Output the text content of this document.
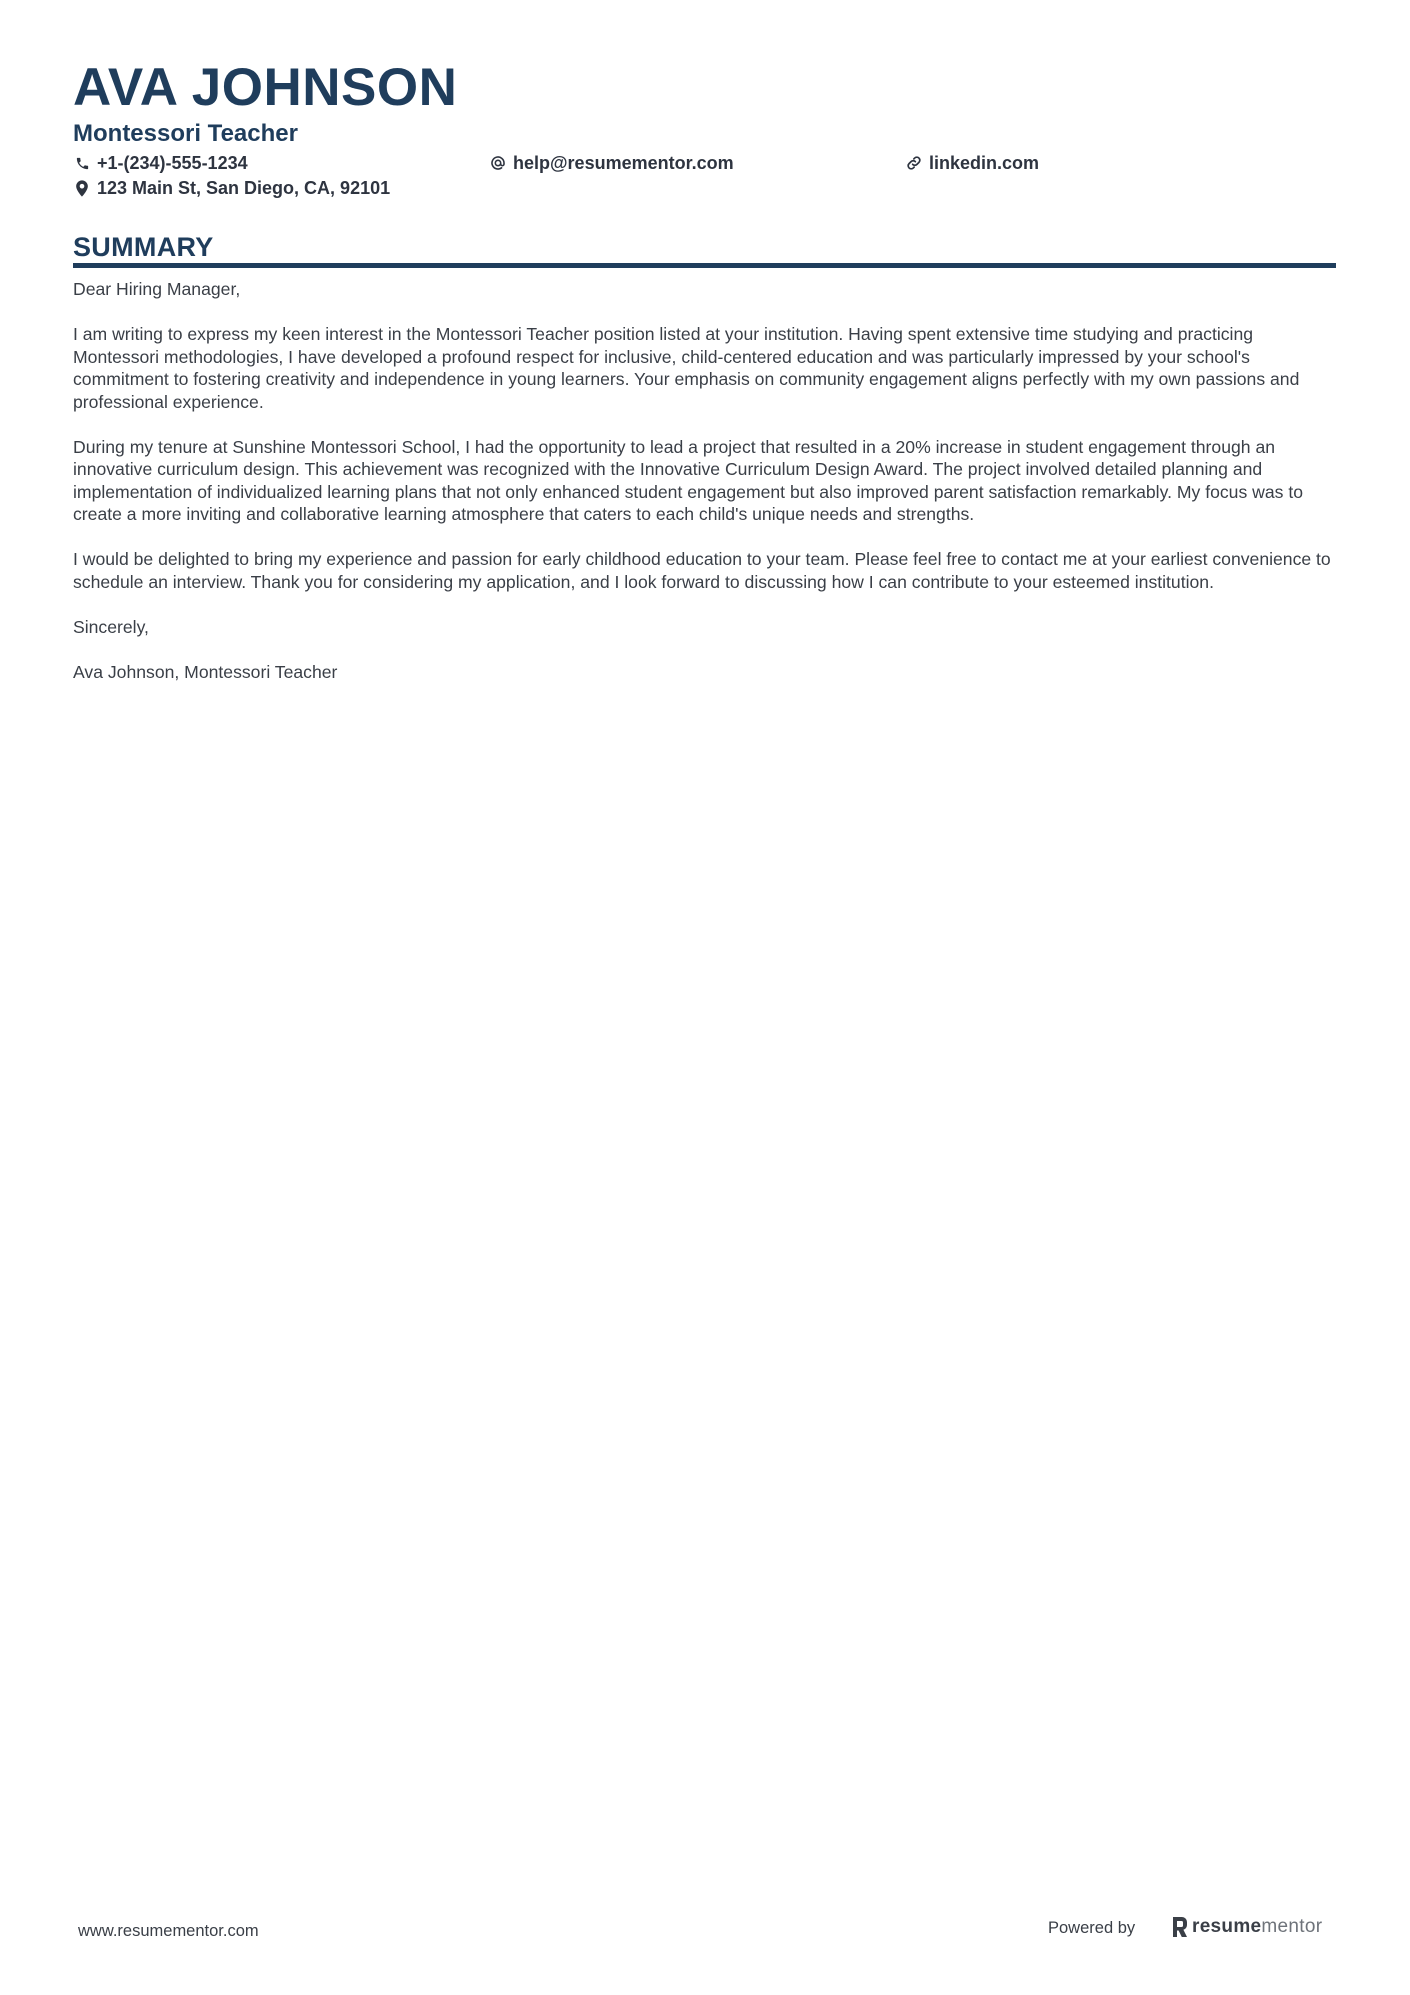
AVA JOHNSON
Montessori Teacher
+1-(234)-555-1234	help@resumementor.com	linkedin.com
123 Main St, San Diego, CA, 92101
SUMMARY

Dear Hiring Manager,

I am writing to express my keen interest in the Montessori Teacher position listed at your institution. Having spent extensive time studying and practicing Montessori methodologies, I have developed a profound respect for inclusive, child-centered education and was particularly impressed by your school's commitment to fostering creativity and independence in young learners. Your emphasis on community engagement aligns perfectly with my own passions and professional experience.

During my tenure at Sunshine Montessori School, I had the opportunity to lead a project that resulted in a 20% increase in student engagement through an innovative curriculum design. This achievement was recognized with the Innovative Curriculum Design Award. The project involved detailed planning and implementation of individualized learning plans that not only enhanced student engagement but also improved parent satisfaction remarkably. My focus was to create a more inviting and collaborative learning atmosphere that caters to each child's unique needs and strengths.

I would be delighted to bring my experience and passion for early childhood education to your team. Please feel free to contact me at your earliest convenience to schedule an interview. Thank you for considering my application, and I look forward to discussing how I can contribute to your esteemed institution.

Sincerely,

Ava Johnson, Montessori Teacher

www.resumementor.com	Powered by	resumementor
